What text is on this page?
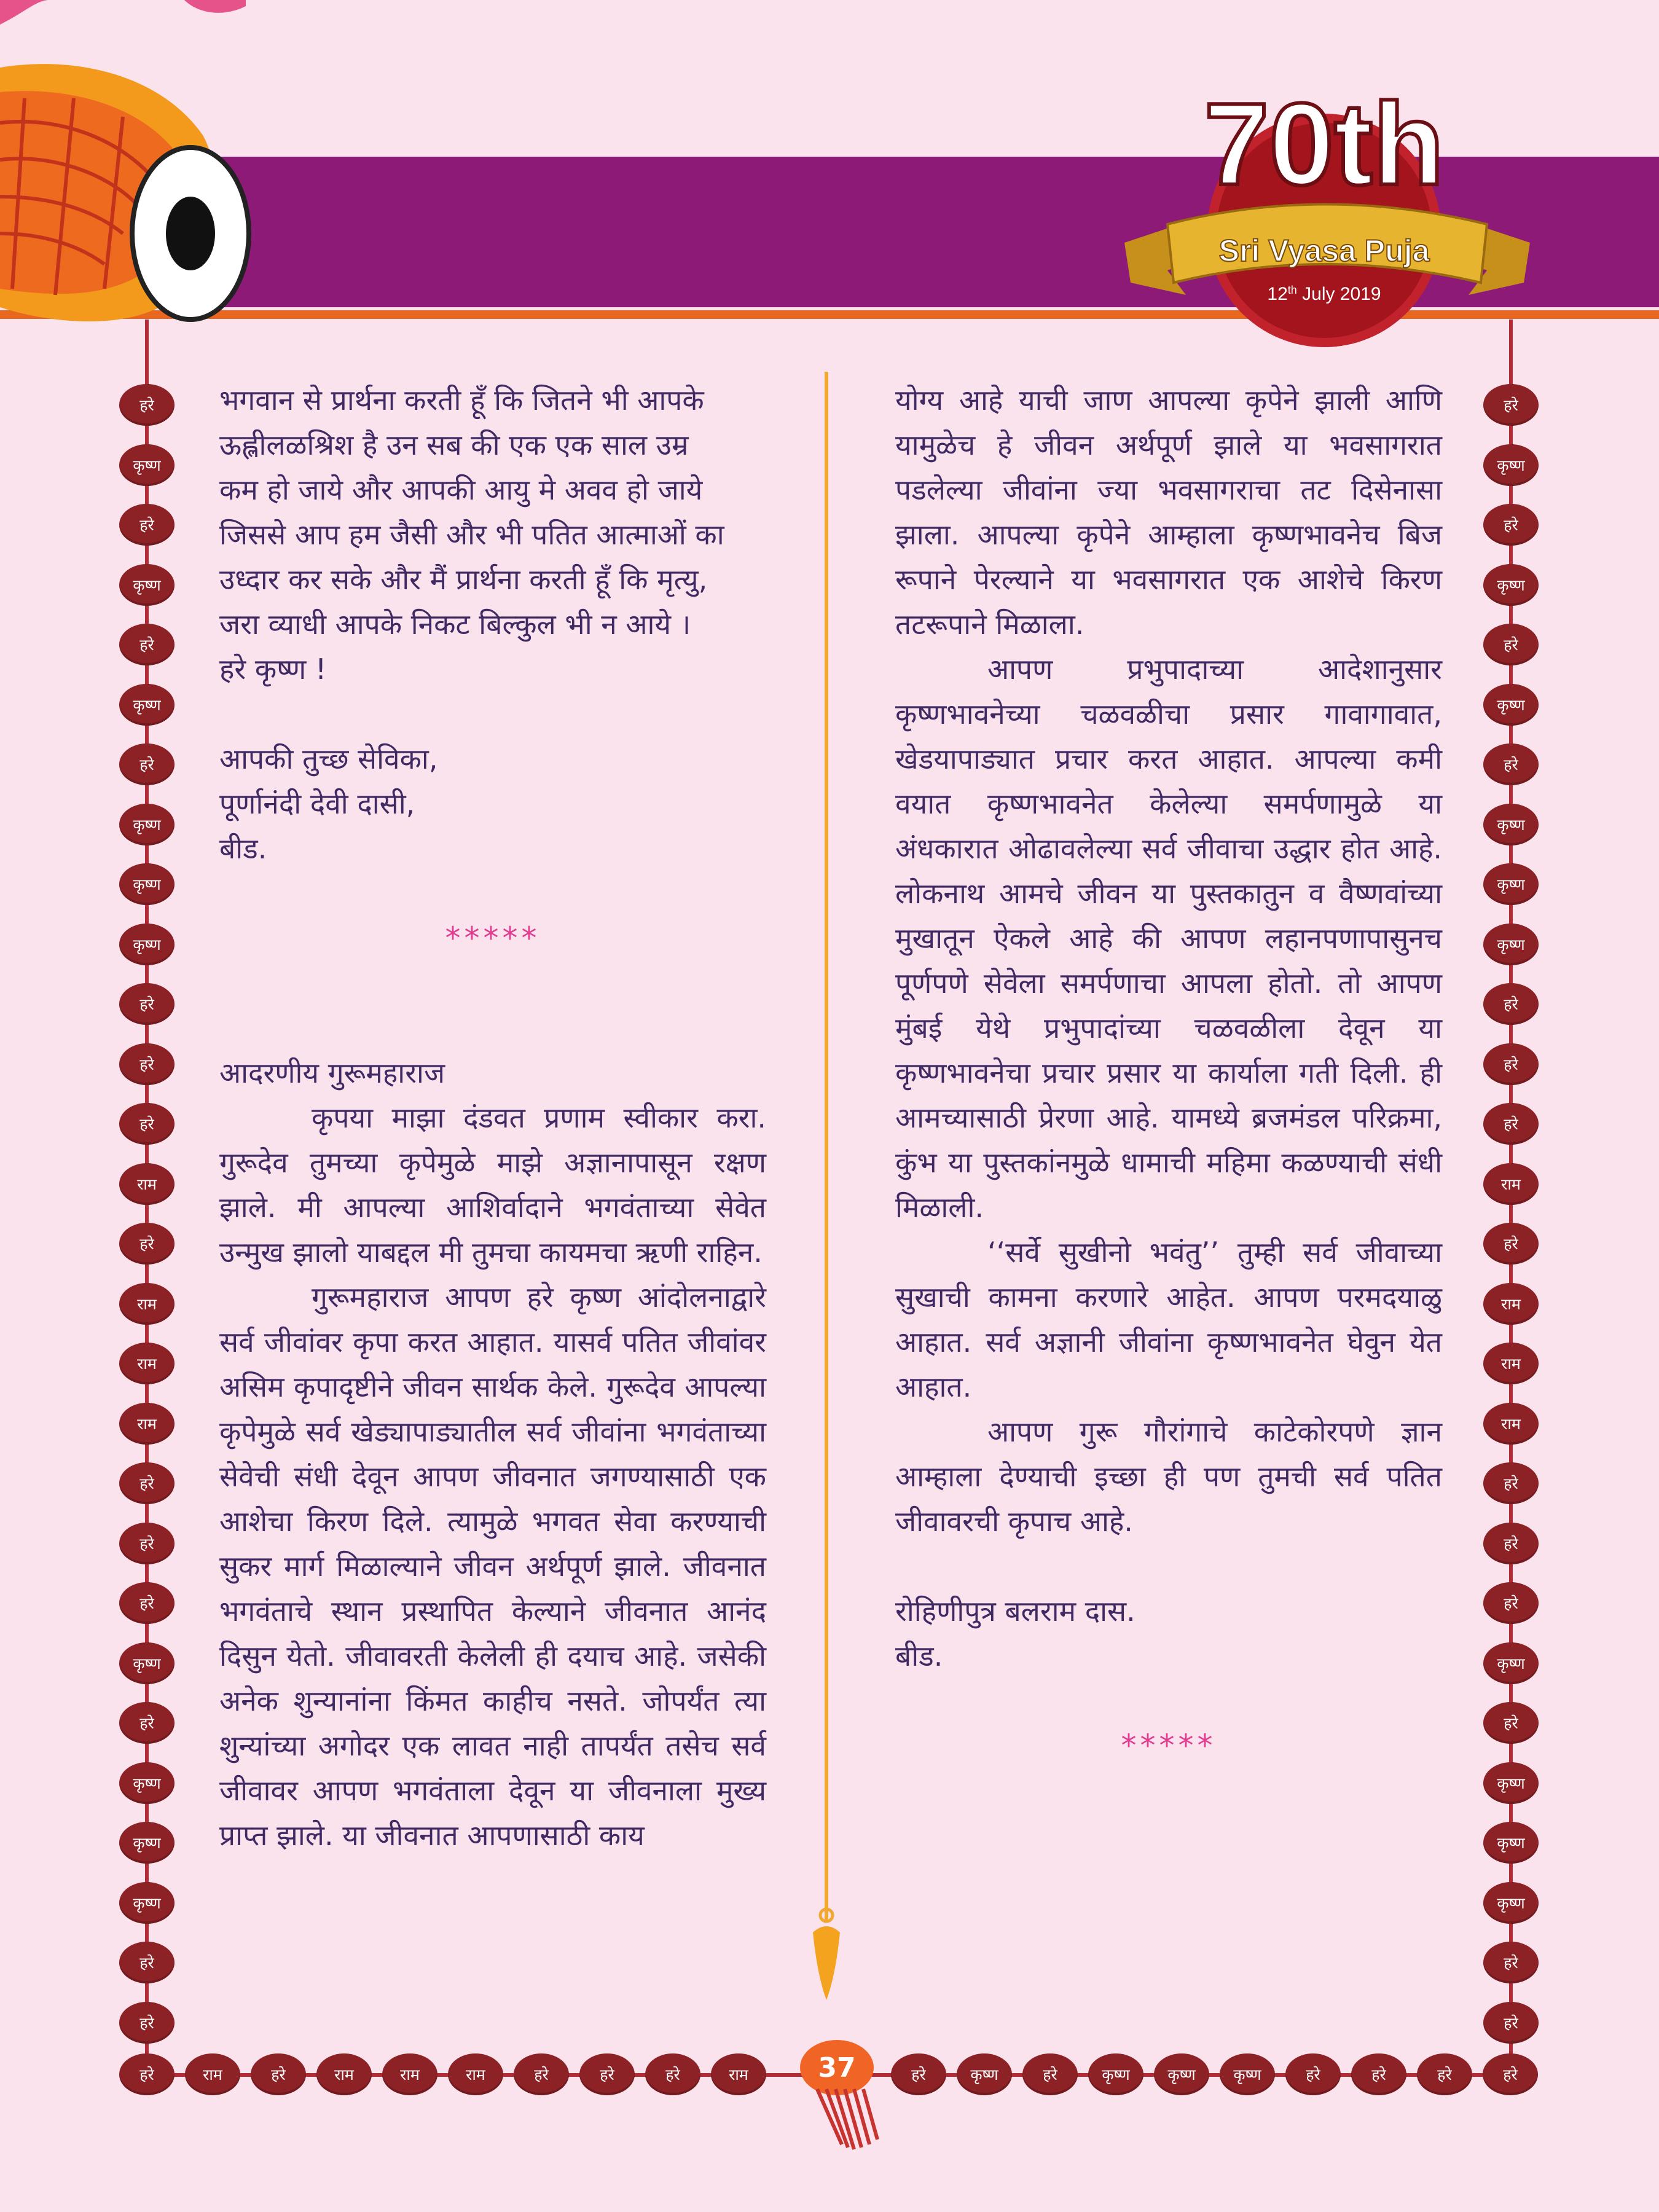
70th
Sri Vyasa Puja
12th July 2019
हरे
कृष्ण
हरे
कृष्ण
हरे
कृष्ण
हरे
कृष्ण
कृष्ण
कृष्ण
हरे
हरे
हरे
राम
हरे
राम
राम
राम
हरे
हरे
हरे
कृष्ण
हरे
कृष्ण
कृष्ण
कृष्ण
हरे
हरे
हरे
कृष्ण
हरे
कृष्ण
हरे
कृष्ण
हरे
कृष्ण
कृष्ण
कृष्ण
हरे
हरे
हरे
राम
हरे
राम
राम
राम
हरे
हरे
हरे
कृष्ण
हरे
कृष्ण
कृष्ण
कृष्ण
हरे
हरे
हरे	राम	हरे	राम	राम	राम	हरे	हरे	हरे	राम	हरे	कृष्ण	हरे	कृष्ण	कृष्ण	कृष्ण	हरे	हरे	हरे	हरे
37

भगवान से प्रार्थना करती हूँ कि जितने भी आपके

ऊह्लीलळश्रिश है उन सब की एक एक साल उम्र

कम हो जाये और आपकी आयु मे अवव हो जाये

जिससे आप हम जैसी और भी पतित आत्माओं का

उध्दार कर सके और मैं प्रार्थना करती हूँ कि मृत्यु,

जरा व्याधी आपके निकट बिल्कुल भी न आये ।

हरे कृष्ण !

आपकी तुच्छ सेविका,

पूर्णानंदी देवी दासी,

बीड.

*****

आदरणीय गुरूमहाराज

कृपया माझा दंडवत प्रणाम स्वीकार करा. गुरूदेव तुमच्या कृपेमुळे माझे अज्ञानापासून रक्षण झाले. मी आपल्या आशिर्वादाने भगवंताच्या सेवेत उन्मुख झालो याबद्दल मी तुमचा कायमचा ऋणी राहिन.

गुरूमहाराज आपण हरे कृष्ण आंदोलनाद्वारे सर्व जीवांवर कृपा करत आहात. यासर्व पतित जीवांवर असिम कृपादृष्टीने जीवन सार्थक केले. गुरूदेव आपल्या कृपेमुळे सर्व खेड्यापाड्यातील सर्व जीवांना भगवंताच्या सेवेची संधी देवून आपण जीवनात जगण्यासाठी एक आशेचा किरण दिले. त्यामुळे भगवत सेवा करण्याची सुकर मार्ग मिळाल्याने जीवन अर्थपूर्ण झाले. जीवनात भगवंताचे स्थान प्रस्थापित केल्याने जीवनात आनंद दिसुन येतो. जीवावरती केलेली ही दयाच आहे. जसेकी अनेक शुन्यानांना किंमत काहीच नसते. जोपर्यंत त्या शुन्यांच्या अगोदर एक लावत नाही तापर्यंत तसेच सर्व जीवावर आपण भगवंताला देवून या जीवनाला मुख्य प्राप्त झाले. या जीवनात आपणासाठी काय

योग्य आहे याची जाण आपल्या कृपेने झाली आणि यामुळेच हे जीवन अर्थपूर्ण झाले या भवसागरात पडलेल्या जीवांना ज्या भवसागराचा तट दिसेनासा झाला. आपल्या कृपेने आम्हाला कृष्णभावनेच बिज रूपाने पेरल्याने या भवसागरात एक आशेचे किरण तटरूपाने मिळाला.

आपण प्रभुपादाच्या आदेशानुसार कृष्णभावनेच्या चळवळीचा प्रसार गावागावात, खेडयापाड्यात प्रचार करत आहात. आपल्या कमी वयात कृष्णभावनेत केलेल्या समर्पणामुळे या अंधकारात ओढावलेल्या सर्व जीवाचा उद्धार होत आहे. लोकनाथ आमचे जीवन या पुस्तकातुन व वैष्णवांच्या मुखातून ऐकले आहे की आपण लहानपणापासुनच पूर्णपणे सेवेला समर्पणाचा आपला होतो. तो आपण मुंबई येथे प्रभुपादांच्या चळवळीला देवून या कृष्णभावनेचा प्रचार प्रसार या कार्याला गती दिली. ही आमच्यासाठी प्रेरणा आहे. यामध्ये ब्रजमंडल परिक्रमा, कुंभ या पुस्तकांनमुळे धामाची महिमा कळण्याची संधी मिळाली.

‘‘सर्वे सुखीनो भवंतु’’ तुम्ही सर्व जीवाच्या सुखाची कामना करणारे आहेत. आपण परमदयाळु आहात. सर्व अज्ञानी जीवांना कृष्णभावनेत घेवुन येत आहात.

आपण गुरू गौरांगाचे काटेकोरपणे ज्ञान आम्हाला देण्याची इच्छा ही पण तुमची सर्व पतित जीवावरची कृपाच आहे.

रोहिणीपुत्र बलराम दास.

बीड.

*****
